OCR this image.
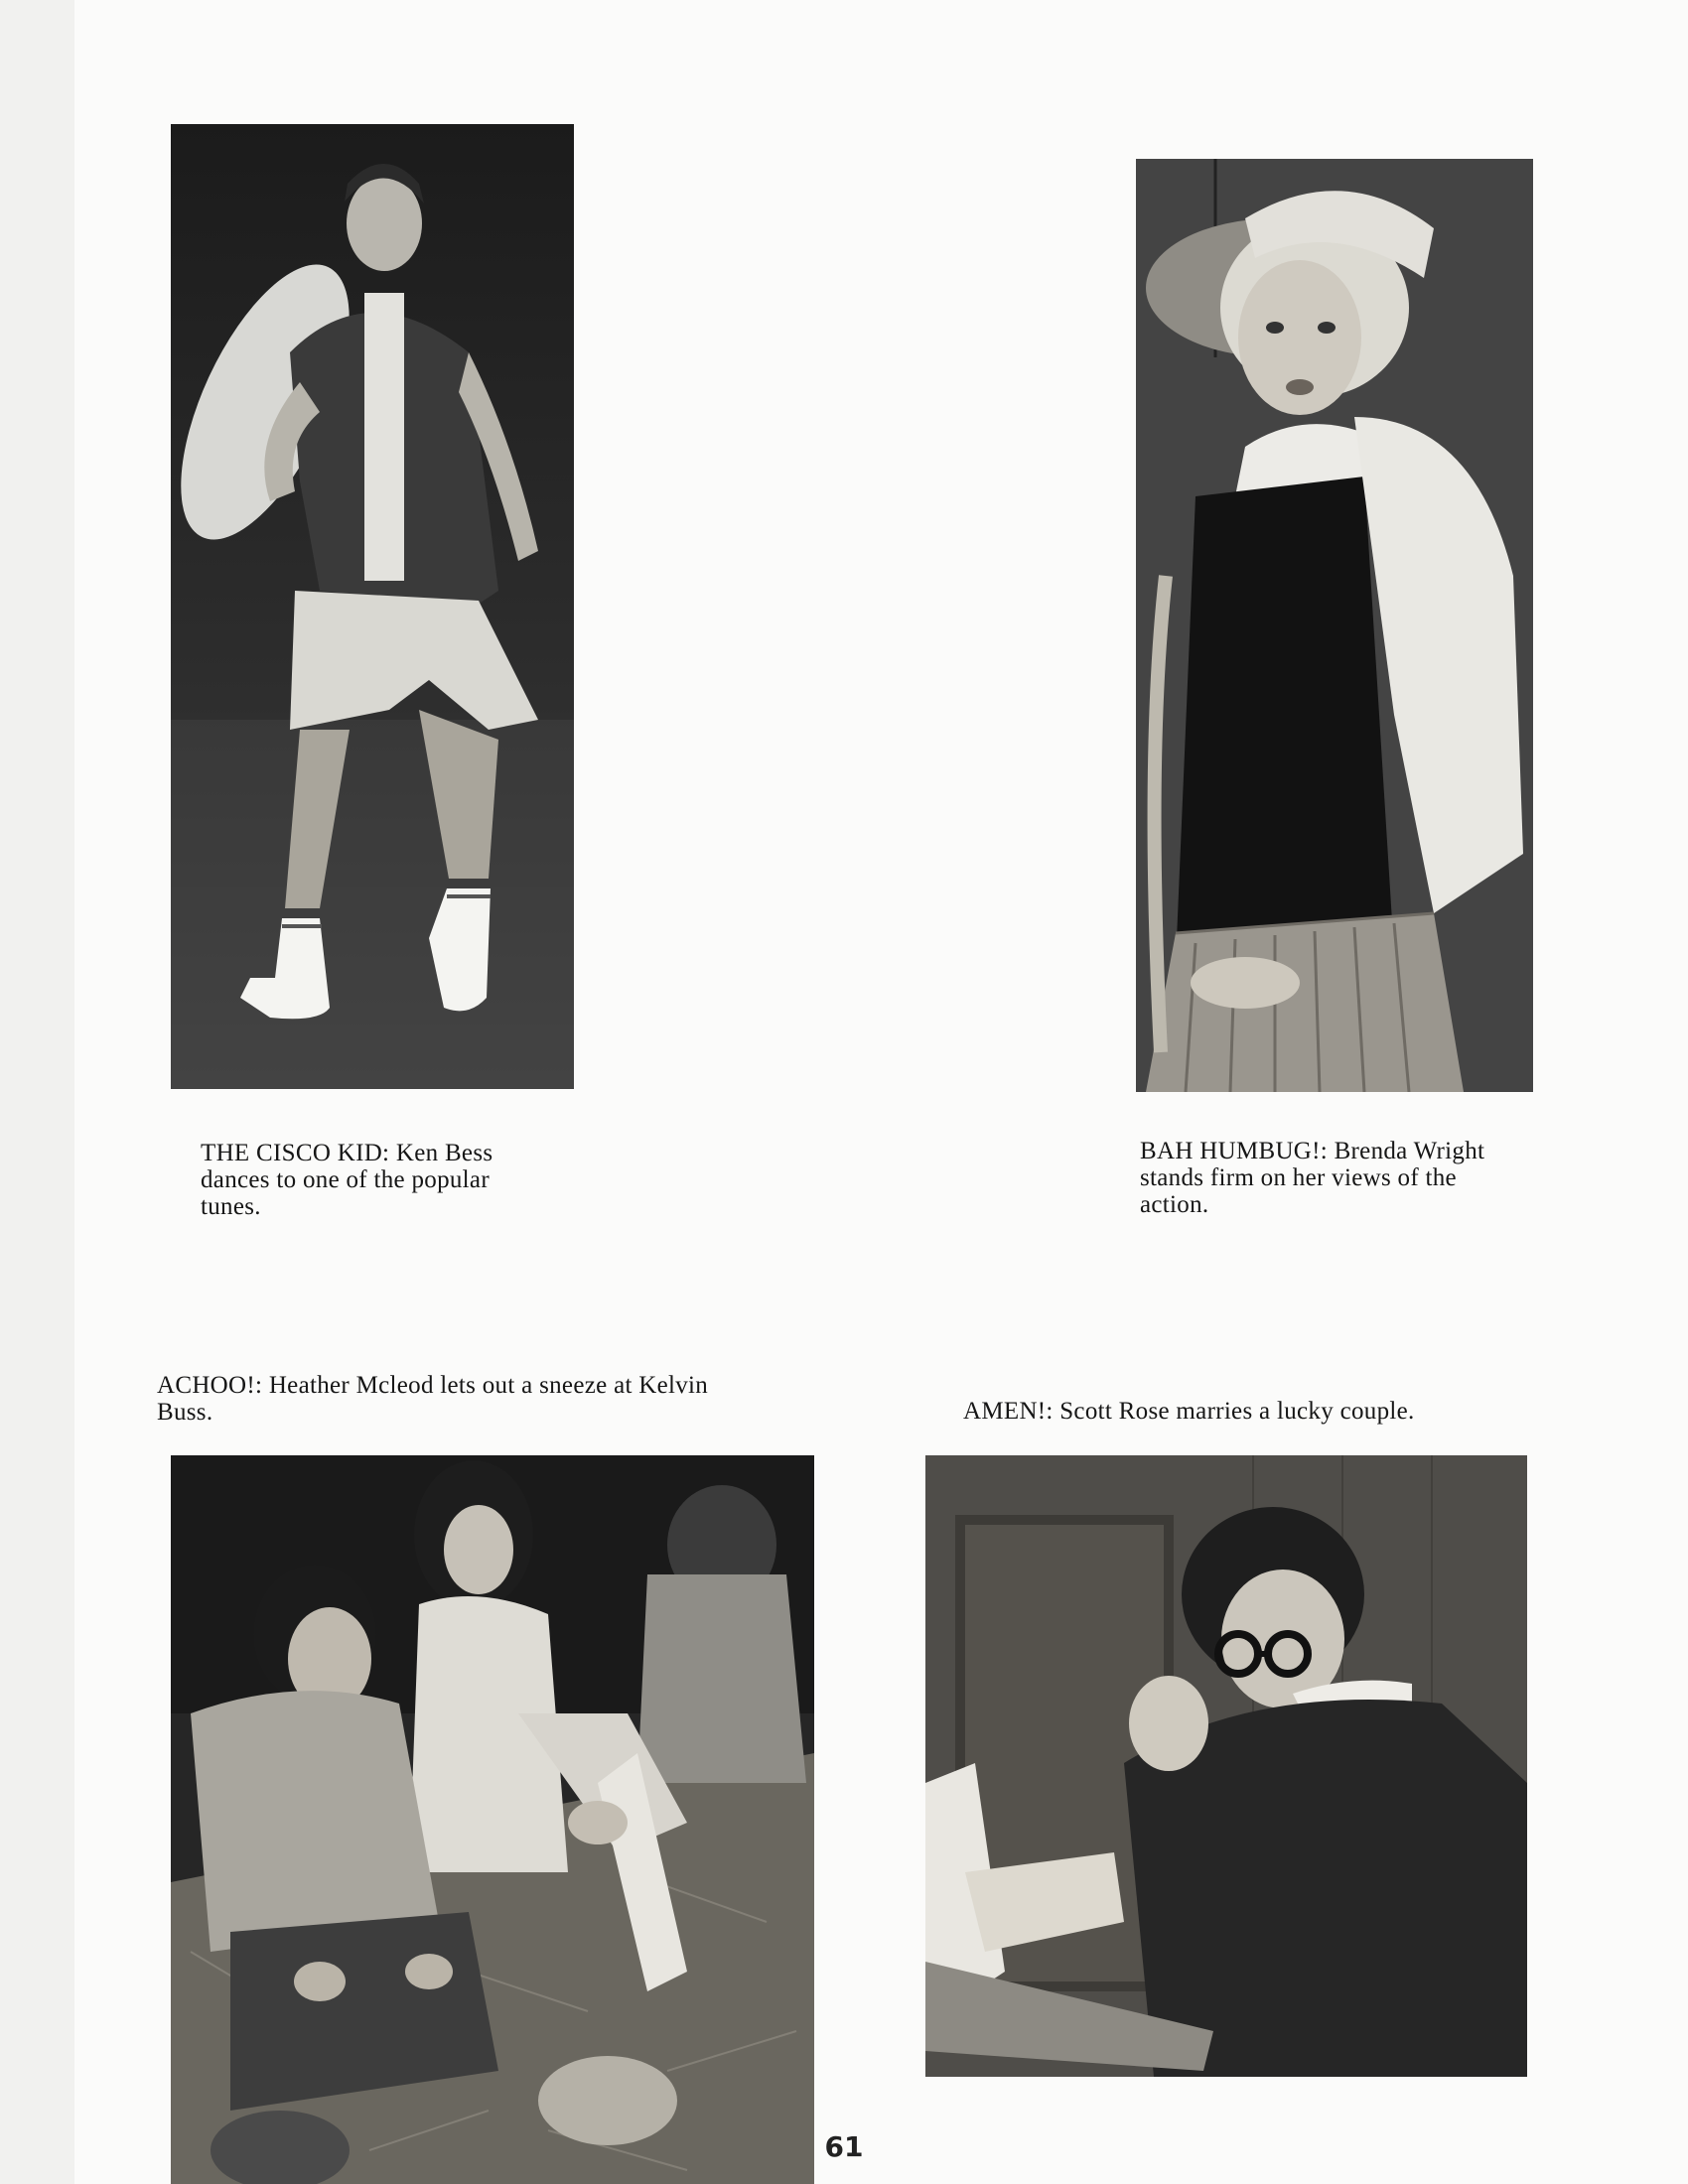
THE CISCO KID: Ken Bess
dances to one of the popular
tunes.
BAH HUMBUG!: Brenda Wright
stands firm on her views of the
action.
ACHOO!: Heather Mcleod lets out a sneeze at Kelvin
Buss.	AMEN!: Scott Rose marries a lucky couple.
61
